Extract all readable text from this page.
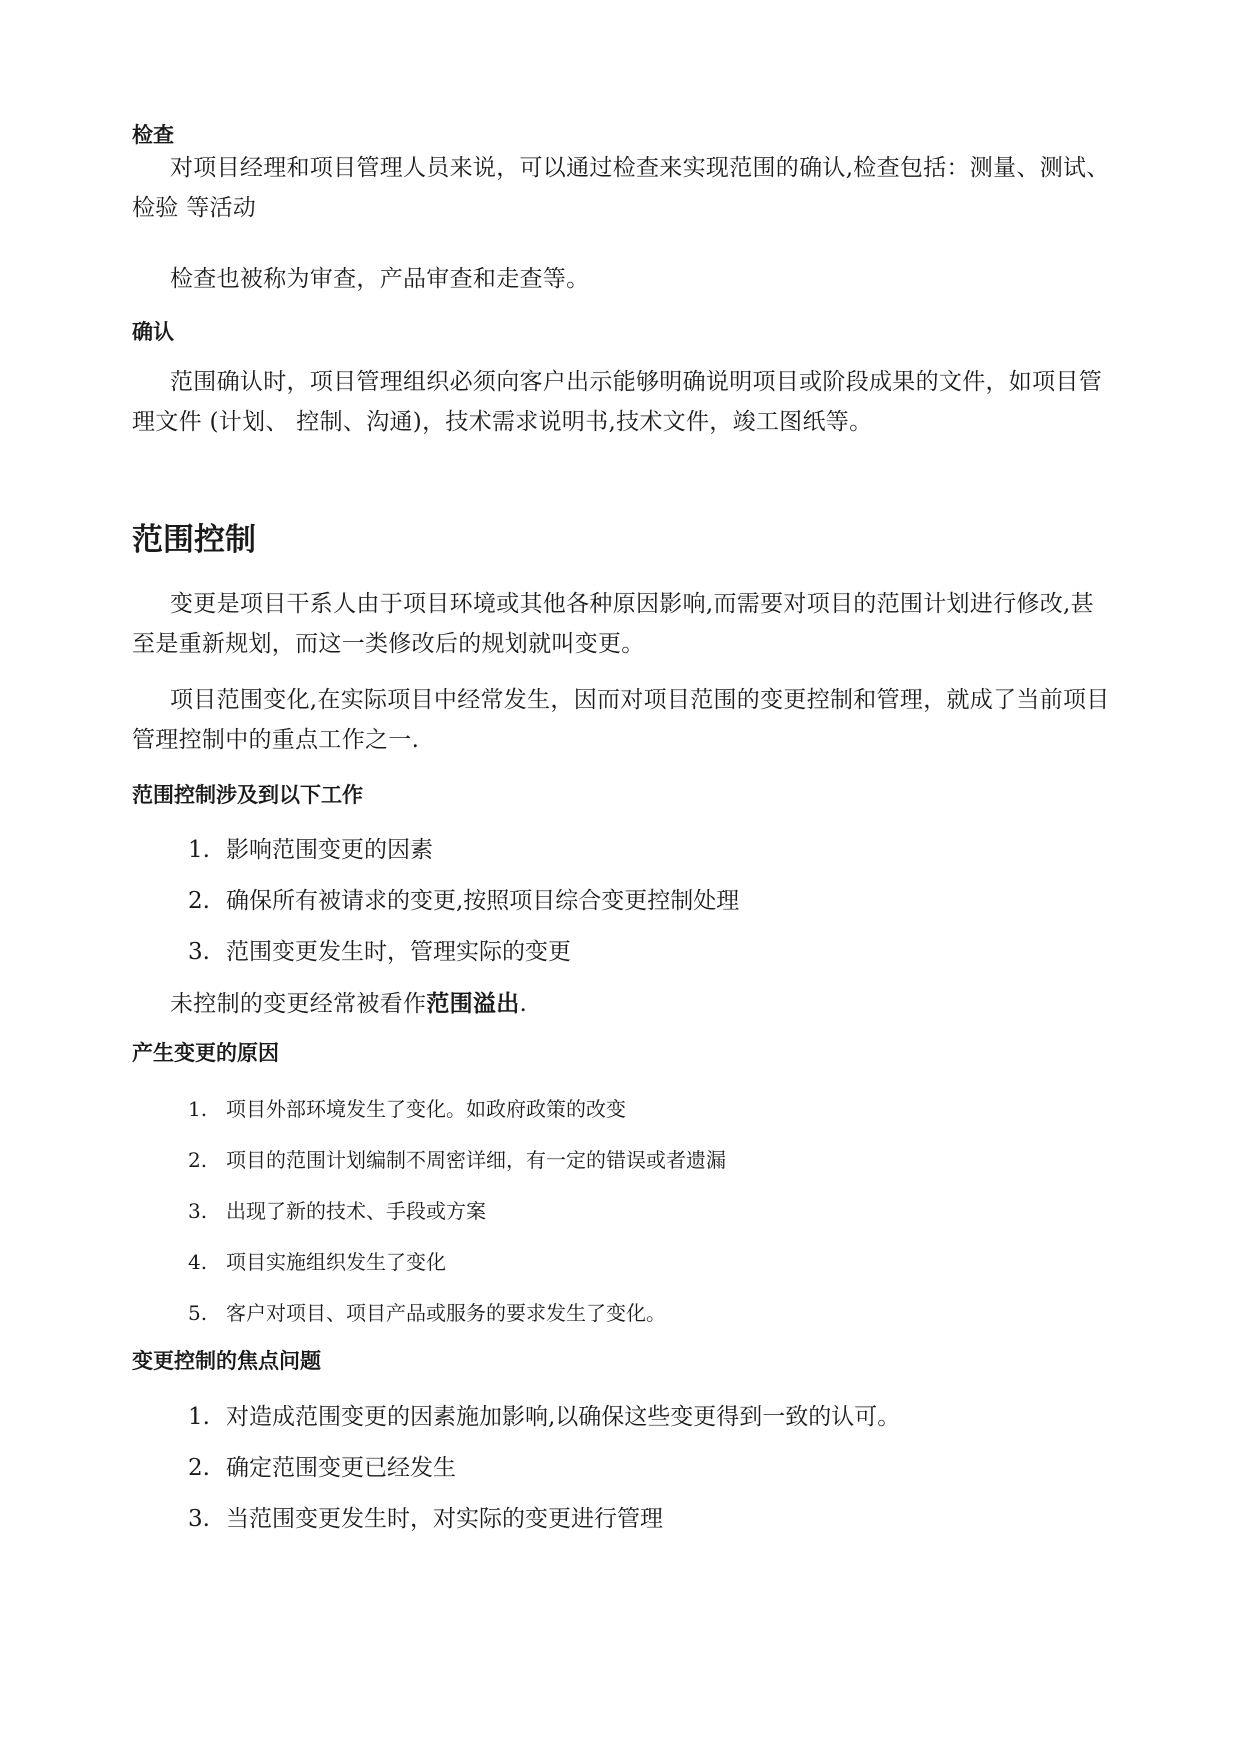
检查

对项目经理和项目管理人员来说，可以通过检查来实现范围的确认,检查包括：测量、测试、 检验 等活动

检查也被称为审查，产品审查和走查等。

确认

范围确认时，项目管理组织必须向客户出示能够明确说明项目或阶段成果的文件，如项目管理文件 (计划、 控制、沟通)，技术需求说明书,技术文件，竣工图纸等。

范围控制

变更是项目干系人由于项目环境或其他各种原因影响,而需要对项目的范围计划进行修改,甚至是重新规划，而这一类修改后的规划就叫变更。

项目范围变化,在实际项目中经常发生，因而对项目范围的变更控制和管理，就成了当前项目管理控制中的重点工作之一.

范围控制涉及到以下工作

1. 影响范围变更的因素

2. 确保所有被请求的变更,按照项目综合变更控制处理

3. 范围变更发生时，管理实际的变更

未控制的变更经常被看作范围溢出.

产生变更的原因

1. 项目外部环境发生了变化。如政府政策的改变

2. 项目的范围计划编制不周密详细，有一定的错误或者遗漏

3. 出现了新的技术、手段或方案

4. 项目实施组织发生了变化

5. 客户对项目、项目产品或服务的要求发生了变化。

变更控制的焦点问题

1. 对造成范围变更的因素施加影响,以确保这些变更得到一致的认可。

2. 确定范围变更已经发生

3. 当范围变更发生时，对实际的变更进行管理
